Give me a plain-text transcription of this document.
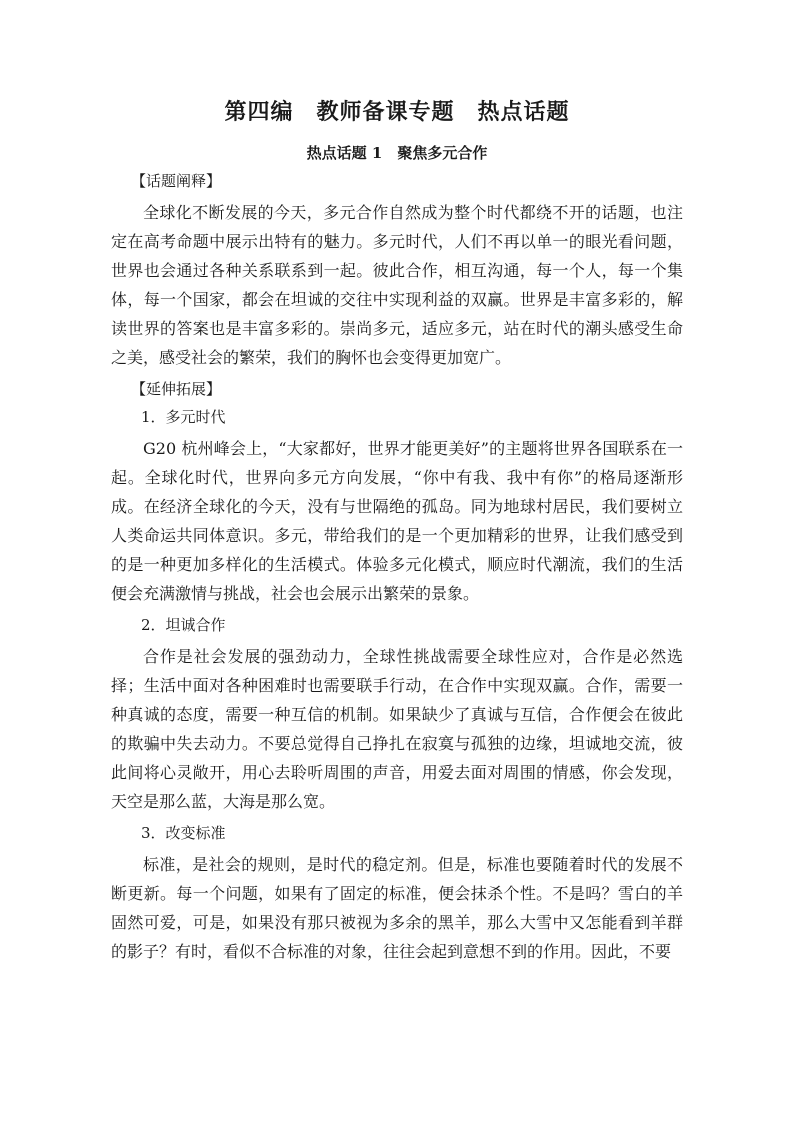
第四编　教师备课专题　热点话题
热点话题 1　聚焦多元合作
【话题阐释】

全球化不断发展的今天，多元合作自然成为整个时代都绕不开的话题，也注定在高考命题中展示出特有的魅力。多元时代，人们不再以单一的眼光看问题，世界也会通过各种关系联系到一起。彼此合作，相互沟通，每一个人，每一个集体，每一个国家，都会在坦诚的交往中实现利益的双赢。世界是丰富多彩的，解读世界的答案也是丰富多彩的。崇尚多元，适应多元，站在时代的潮头感受生命之美，感受社会的繁荣，我们的胸怀也会变得更加宽广。

【延伸拓展】
1．多元时代

G20 杭州峰会上，“大家都好，世界才能更美好”的主题将世界各国联系在一起。全球化时代，世界向多元方向发展，“你中有我、我中有你”的格局逐渐形成。在经济全球化的今天，没有与世隔绝的孤岛。同为地球村居民，我们要树立人类命运共同体意识。多元，带给我们的是一个更加精彩的世界，让我们感受到的是一种更加多样化的生活模式。体验多元化模式，顺应时代潮流，我们的生活便会充满激情与挑战，社会也会展示出繁荣的景象。

2．坦诚合作

合作是社会发展的强劲动力，全球性挑战需要全球性应对，合作是必然选择；生活中面对各种困难时也需要联手行动，在合作中实现双赢。合作，需要一种真诚的态度，需要一种互信的机制。如果缺少了真诚与互信，合作便会在彼此的欺骗中失去动力。不要总觉得自己挣扎在寂寞与孤独的边缘，坦诚地交流，彼此间将心灵敞开，用心去聆听周围的声音，用爱去面对周围的情感，你会发现，天空是那么蓝，大海是那么宽。

3．改变标准

标准，是社会的规则，是时代的稳定剂。但是，标准也要随着时代的发展不断更新。每一个问题，如果有了固定的标准，便会抹杀个性。不是吗？雪白的羊固然可爱，可是，如果没有那只被视为多余的黑羊，那么大雪中又怎能看到羊群的影子？有时，看似不合标准的对象，往往会起到意想不到的作用。因此，不要
